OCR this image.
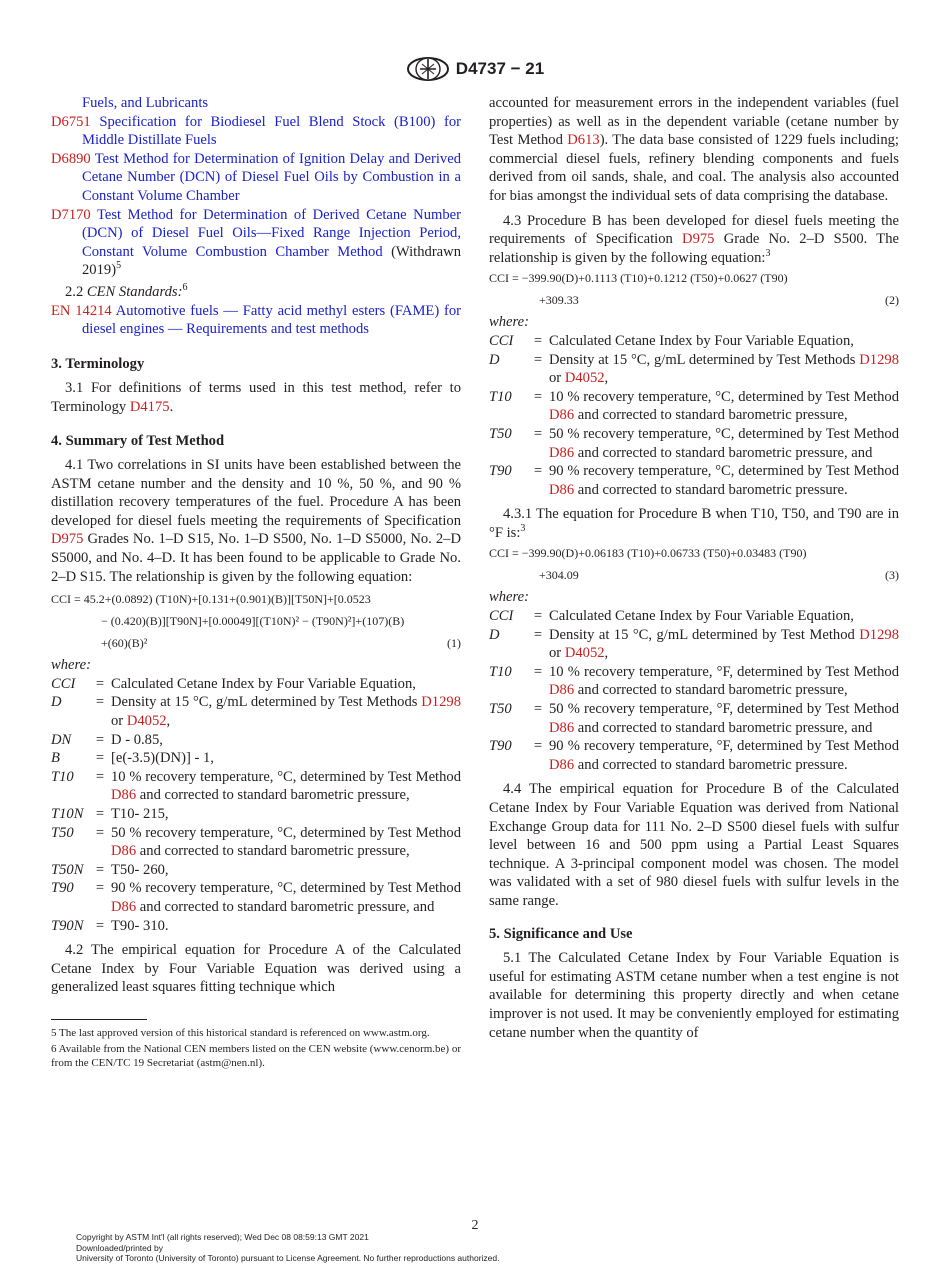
D4737 − 21

Fuels, and Lubricants

D6751 Specification for Biodiesel Fuel Blend Stock (B100) for Middle Distillate Fuels

D6890 Test Method for Determination of Ignition Delay and Derived Cetane Number (DCN) of Diesel Fuel Oils by Combustion in a Constant Volume Chamber

D7170 Test Method for Determination of Derived Cetane Number (DCN) of Diesel Fuel Oils—Fixed Range Injection Period, Constant Volume Combustion Chamber Method (Withdrawn 2019)$^5$

2.2 CEN Standards:$^6$

EN 14214 Automotive fuels — Fatty acid methyl esters (FAME) for diesel engines — Requirements and test methods

3. Terminology

3.1 For definitions of terms used in this test method, refer to Terminology D4175.

4. Summary of Test Method

4.1 Two correlations in SI units have been established between the ASTM cetane number and the density and 10 %, 50 %, and 90 % distillation recovery temperatures of the fuel. Procedure A has been developed for diesel fuels meeting the requirements of Specification D975 Grades No. 1–D S15, No. 1–D S500, No. 1–D S5000, No. 2–D S5000, and No. 4–D. It has been found to be applicable to Grade No. 2–D S15. The relationship is given by the following equation:

CCI = 45.2+(0.0892) (T10N)+[0.131+(0.901)(B)][T50N]+[0.0523
− (0.420)(B)][T90N]+[0.00049][(T10N)² − (T90N)²]+(107)(B)
+(60)(B)²	(1)

where:

CCI	=	Calculated Cetane Index by Four Variable Equation,
D	=	Density at 15 °C, g/mL determined by Test Methods D1298 or D4052,
DN	=	D - 0.85,
B	=	[e(-3.5)(DN)] - 1,
T10	=	10 % recovery temperature, °C, determined by Test Method D86 and corrected to standard barometric pressure,
T10N	=	T10- 215,
T50	=	50 % recovery temperature, °C, determined by Test Method D86 and corrected to standard barometric pressure,
T50N	=	T50- 260,
T90	=	90 % recovery temperature, °C, determined by Test Method D86 and corrected to standard barometric pressure, and
T90N	=	T90- 310.

4.2 The empirical equation for Procedure A of the Calculated Cetane Index by Four Variable Equation was derived using a generalized least squares fitting technique which

5 The last approved version of this historical standard is referenced on www.astm.org.

6 Available from the National CEN members listed on the CEN website (www.cenorm.be) or from the CEN/TC 19 Secretariat (astm@nen.nl).

accounted for measurement errors in the independent variables (fuel properties) as well as in the dependent variable (cetane number by Test Method D613). The data base consisted of 1229 fuels including; commercial diesel fuels, refinery blending components and fuels derived from oil sands, shale, and coal. The analysis also accounted for bias amongst the individual sets of data comprising the database.

4.3 Procedure B has been developed for diesel fuels meeting the requirements of Specification D975 Grade No. 2–D S500. The relationship is given by the following equation:$^3$

CCI = −399.90(D)+0.1113 (T10)+0.1212 (T50)+0.0627 (T90)
+309.33	(2)

where:

CCI	=	Calculated Cetane Index by Four Variable Equation,
D	=	Density at 15 °C, g/mL determined by Test Methods D1298 or D4052,
T10	=	10 % recovery temperature, °C, determined by Test Method D86 and corrected to standard barometric pressure,
T50	=	50 % recovery temperature, °C, determined by Test Method D86 and corrected to standard barometric pressure, and
T90	=	90 % recovery temperature, °C, determined by Test Method D86 and corrected to standard barometric pressure.

4.3.1 The equation for Procedure B when T10, T50, and T90 are in °F is:$^3$

CCI = −399.90(D)+0.06183 (T10)+0.06733 (T50)+0.03483 (T90)
+304.09	(3)

where:

CCI	=	Calculated Cetane Index by Four Variable Equation,
D	=	Density at 15 °C, g/mL determined by Test Method D1298 or D4052,
T10	=	10 % recovery temperature, °F, determined by Test Method D86 and corrected to standard barometric pressure,
T50	=	50 % recovery temperature, °F, determined by Test Method D86 and corrected to standard barometric pressure, and
T90	=	90 % recovery temperature, °F, determined by Test Method D86 and corrected to standard barometric pressure.

4.4 The empirical equation for Procedure B of the Calculated Cetane Index by Four Variable Equation was derived from National Exchange Group data for 111 No. 2–D S500 diesel fuels with sulfur level between 16 and 500 ppm using a Partial Least Squares technique. A 3-principal component model was chosen. The model was validated with a set of 980 diesel fuels with sulfur levels in the same range.

5. Significance and Use

5.1 The Calculated Cetane Index by Four Variable Equation is useful for estimating ASTM cetane number when a test engine is not available for determining this property directly and when cetane improver is not used. It may be conveniently employed for estimating cetane number when the quantity of

2
Copyright by ASTM Int'l (all rights reserved); Wed Dec 08 08:59:13 GMT 2021
Downloaded/printed by
University of Toronto (University of Toronto) pursuant to License Agreement. No further reproductions authorized.
